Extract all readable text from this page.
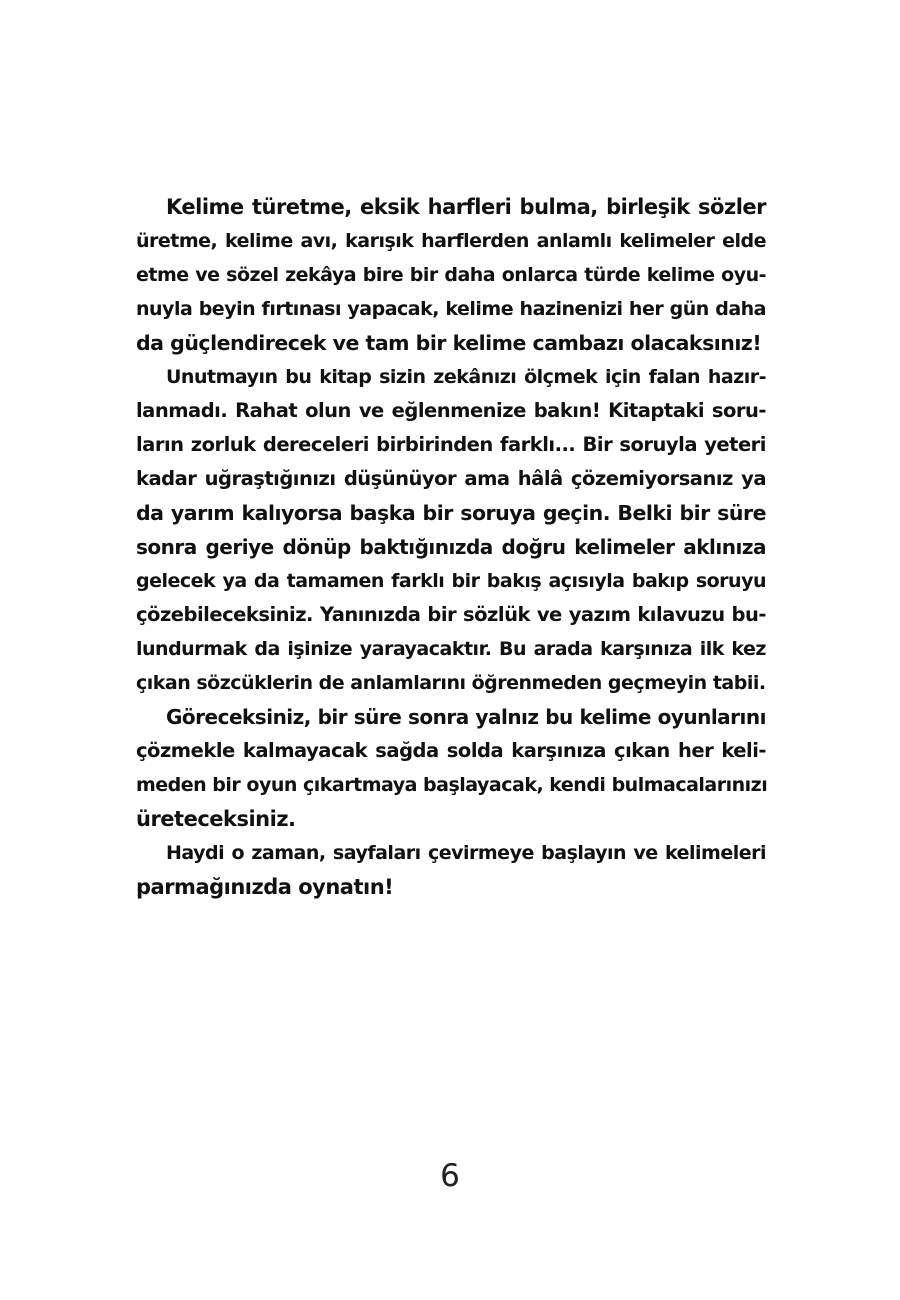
Kelime türetme, eksik harfleri bulma, birleşik sözler
üretme, kelime avı, karışık harflerden anlamlı kelimeler elde
etme ve sözel zekâya bire bir daha onlarca türde kelime oyu-
nuyla beyin fırtınası yapacak, kelime hazinenizi her gün daha
da güçlendirecek ve tam bir kelime cambazı olacaksınız!
Unutmayın bu kitap sizin zekânızı ölçmek için falan hazır-
lanmadı. Rahat olun ve eğlenmenize bakın! Kitaptaki soru-
ların zorluk dereceleri birbirinden farklı... Bir soruyla yeteri
kadar uğraştığınızı düşünüyor ama hâlâ çözemiyorsanız ya
da yarım kalıyorsa başka bir soruya geçin. Belki bir süre
sonra geriye dönüp baktığınızda doğru kelimeler aklınıza
gelecek ya da tamamen farklı bir bakış açısıyla bakıp soruyu
çözebileceksiniz. Yanınızda bir sözlük ve yazım kılavuzu bu-
lundurmak da işinize yarayacaktır. Bu arada karşınıza ilk kez
çıkan sözcüklerin de anlamlarını öğrenmeden geçmeyin tabii.
Göreceksiniz, bir süre sonra yalnız bu kelime oyunlarını
çözmekle kalmayacak sağda solda karşınıza çıkan her keli-
meden bir oyun çıkartmaya başlayacak, kendi bulmacalarınızı
üreteceksiniz.
Haydi o zaman, sayfaları çevirmeye başlayın ve kelimeleri
parmağınızda oynatın!
6
